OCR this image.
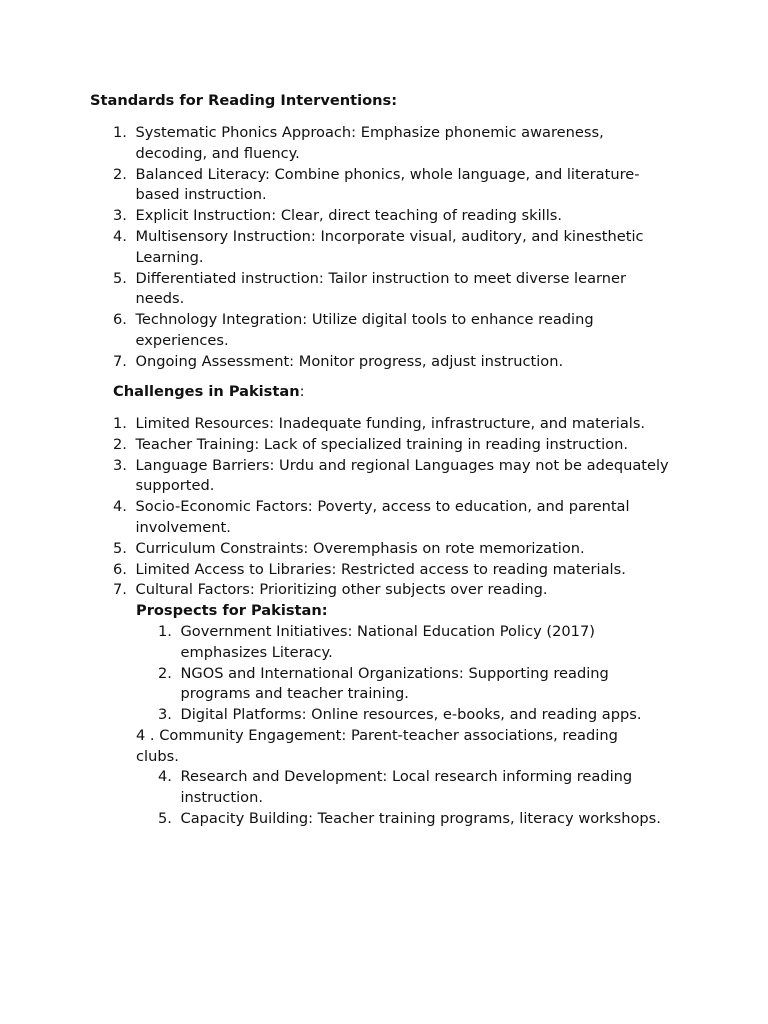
Standards for Reading Interventions:
1. Systematic Phonics Approach: Emphasize phonemic awareness, decoding, and fluency.
2. Balanced Literacy: Combine phonics, whole language, and literature-based instruction.
3. Explicit Instruction: Clear, direct teaching of reading skills.
4. Multisensory Instruction: Incorporate visual, auditory, and kinesthetic Learning.
5. Differentiated instruction: Tailor instruction to meet diverse learner needs.
6. Technology Integration: Utilize digital tools to enhance reading experiences.
7. Ongoing Assessment: Monitor progress, adjust instruction.
Challenges in Pakistan:
1. Limited Resources: Inadequate funding, infrastructure, and materials.
2. Teacher Training: Lack of specialized training in reading instruction.
3. Language Barriers: Urdu and regional Languages may not be adequately supported.
4. Socio-Economic Factors: Poverty, access to education, and parental involvement.
5. Curriculum Constraints: Overemphasis on rote memorization.
6. Limited Access to Libraries: Restricted access to reading materials.
7. Cultural Factors: Prioritizing other subjects over reading.
Prospects for Pakistan:
1. Government Initiatives: National Education Policy (2017) emphasizes Literacy.
2. NGOS and International Organizations: Supporting reading programs and teacher training.
3. Digital Platforms: Online resources, e-books, and reading apps.

4 . Community Engagement: Parent-teacher associations, reading clubs.

4. Research and Development: Local research informing reading instruction.
5. Capacity Building: Teacher training programs, literacy workshops.
